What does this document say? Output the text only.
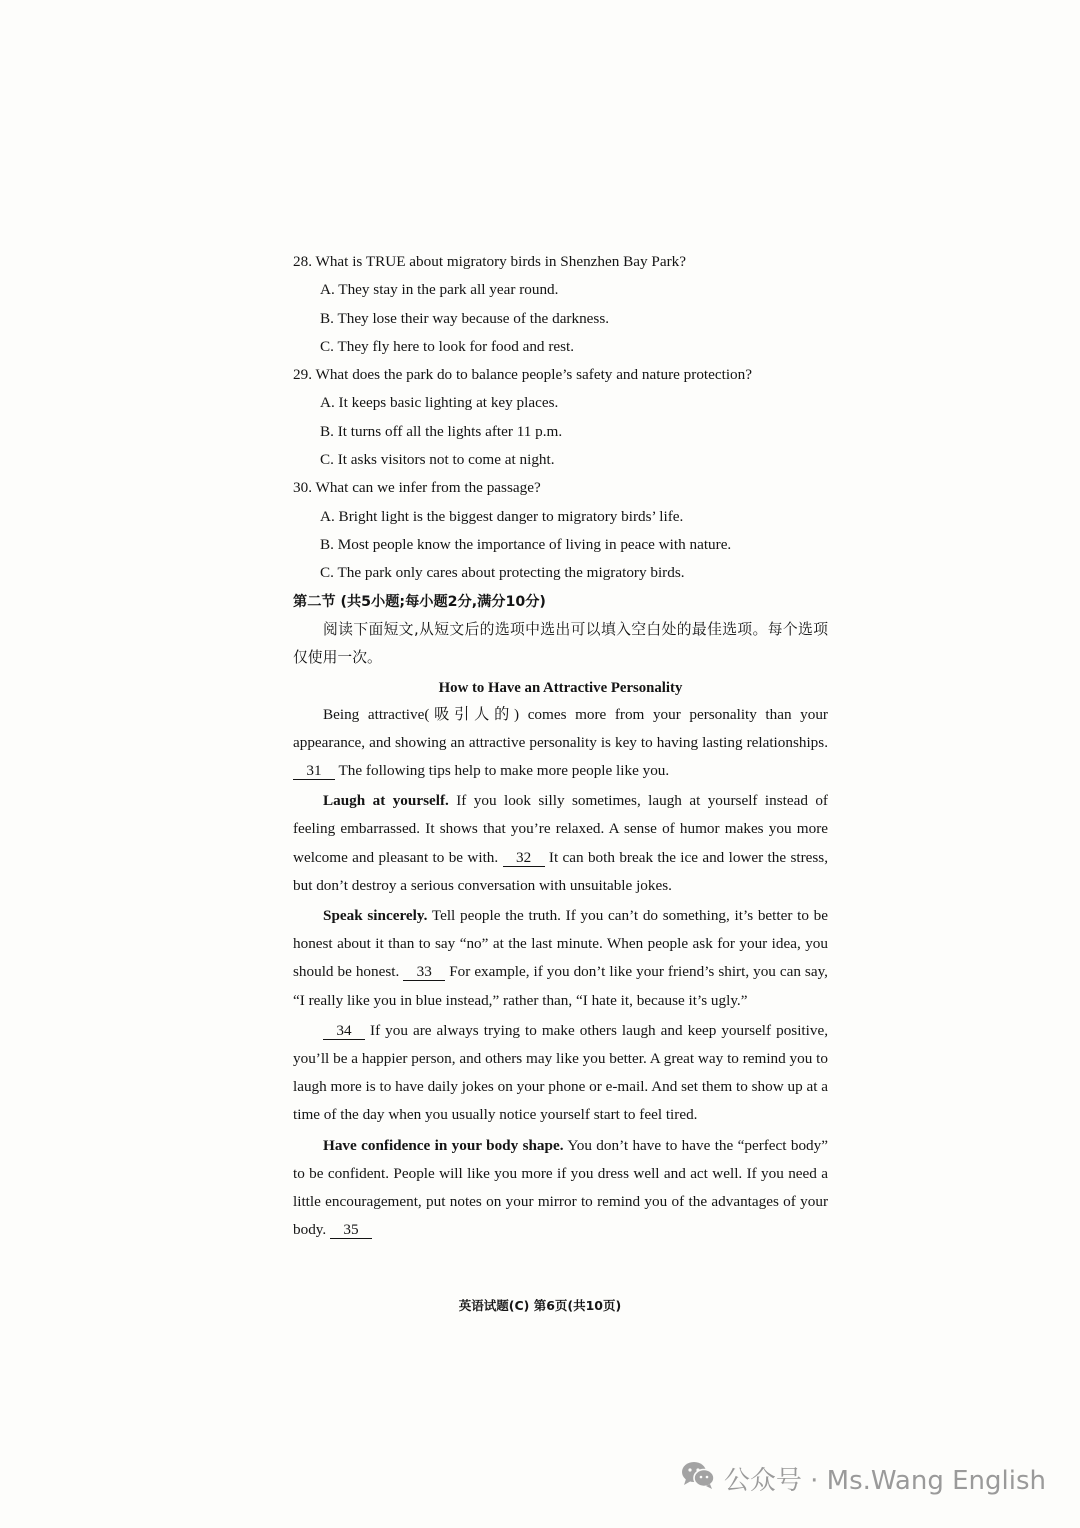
28. What is TRUE about migratory birds in Shenzhen Bay Park?

A. They stay in the park all year round.

B. They lose their way because of the darkness.

C. They fly here to look for food and rest.

29. What does the park do to balance people’s safety and nature protection?

A. It keeps basic lighting at key places.

B. It turns off all the lights after 11 p.m.

C. It asks visitors not to come at night.

30. What can we infer from the passage?

A. Bright light is the biggest danger to migratory birds’ life.

B. Most people know the importance of living in peace with nature.

C. The park only cares about protecting the migratory birds.

第二节 (共5小题;每小题2分,满分10分)

阅读下面短文,从短文后的选项中选出可以填入空白处的最佳选项。每个选项仅使用一次。

How to Have an Attractive Personality

Being attractive(吸引人的) comes more from your personality than your appearance, and showing an attractive personality is key to having lasting relationships. 31 The following tips help to make more people like you.

Laugh at yourself. If you look silly sometimes, laugh at yourself instead of feeling embarrassed. It shows that you’re relaxed. A sense of humor makes you more welcome and pleasant to be with. 32 It can both break the ice and lower the stress, but don’t destroy a serious conversation with unsuitable jokes.

Speak sincerely. Tell people the truth. If you can’t do something, it’s better to be honest about it than to say “no” at the last minute. When people ask for your idea, you should be honest. 33 For example, if you don’t like your friend’s shirt, you can say, “I really like you in blue instead,” rather than, “I hate it, because it’s ugly.”

34 If you are always trying to make others laugh and keep yourself positive, you’ll be a happier person, and others may like you better. A great way to remind you to laugh more is to have daily jokes on your phone or e-mail. And set them to show up at a time of the day when you usually notice yourself start to feel tired.

Have confidence in your body shape. You don’t have to have the “perfect body” to be confident. People will like you more if you dress well and act well. If you need a little encouragement, put notes on your mirror to remind you of the advantages of your body. 35

英语试题(C) 第6页(共10页)
公众号 · Ms.Wang English
